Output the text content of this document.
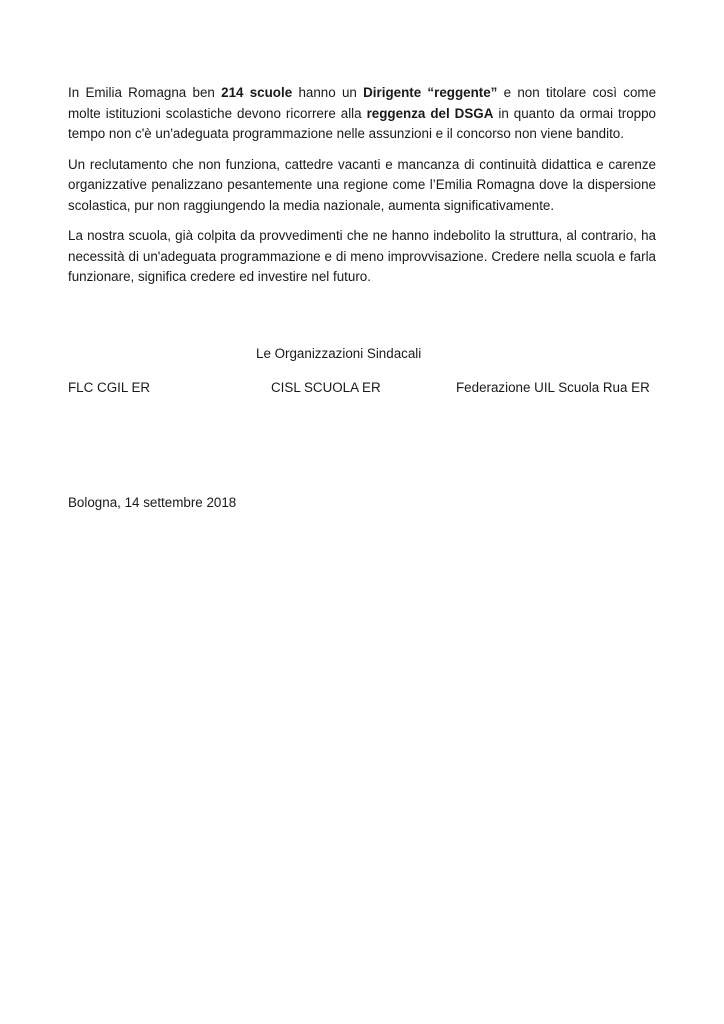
In Emilia Romagna ben 214 scuole hanno un Dirigente “reggente” e non titolare così come molte istituzioni scolastiche devono ricorrere alla reggenza del DSGA in quanto da ormai troppo tempo non c'è un'adeguata programmazione nelle assunzioni e il concorso non viene bandito.

Un reclutamento che non funziona, cattedre vacanti e mancanza di continuità didattica e carenze organizzative penalizzano pesantemente una regione come l’Emilia Romagna dove la dispersione scolastica, pur non raggiungendo la media nazionale, aumenta significativamente.

La nostra scuola, già colpita da provvedimenti che ne hanno indebolito la struttura, al contrario, ha necessità di un'adeguata programmazione e di meno improvvisazione. Credere nella scuola e farla funzionare, significa credere ed investire nel futuro.

Le Organizzazioni Sindacali
FLC CGIL ER	CISL SCUOLA ER	Federazione UIL Scuola Rua ER
Bologna, 14 settembre 2018
